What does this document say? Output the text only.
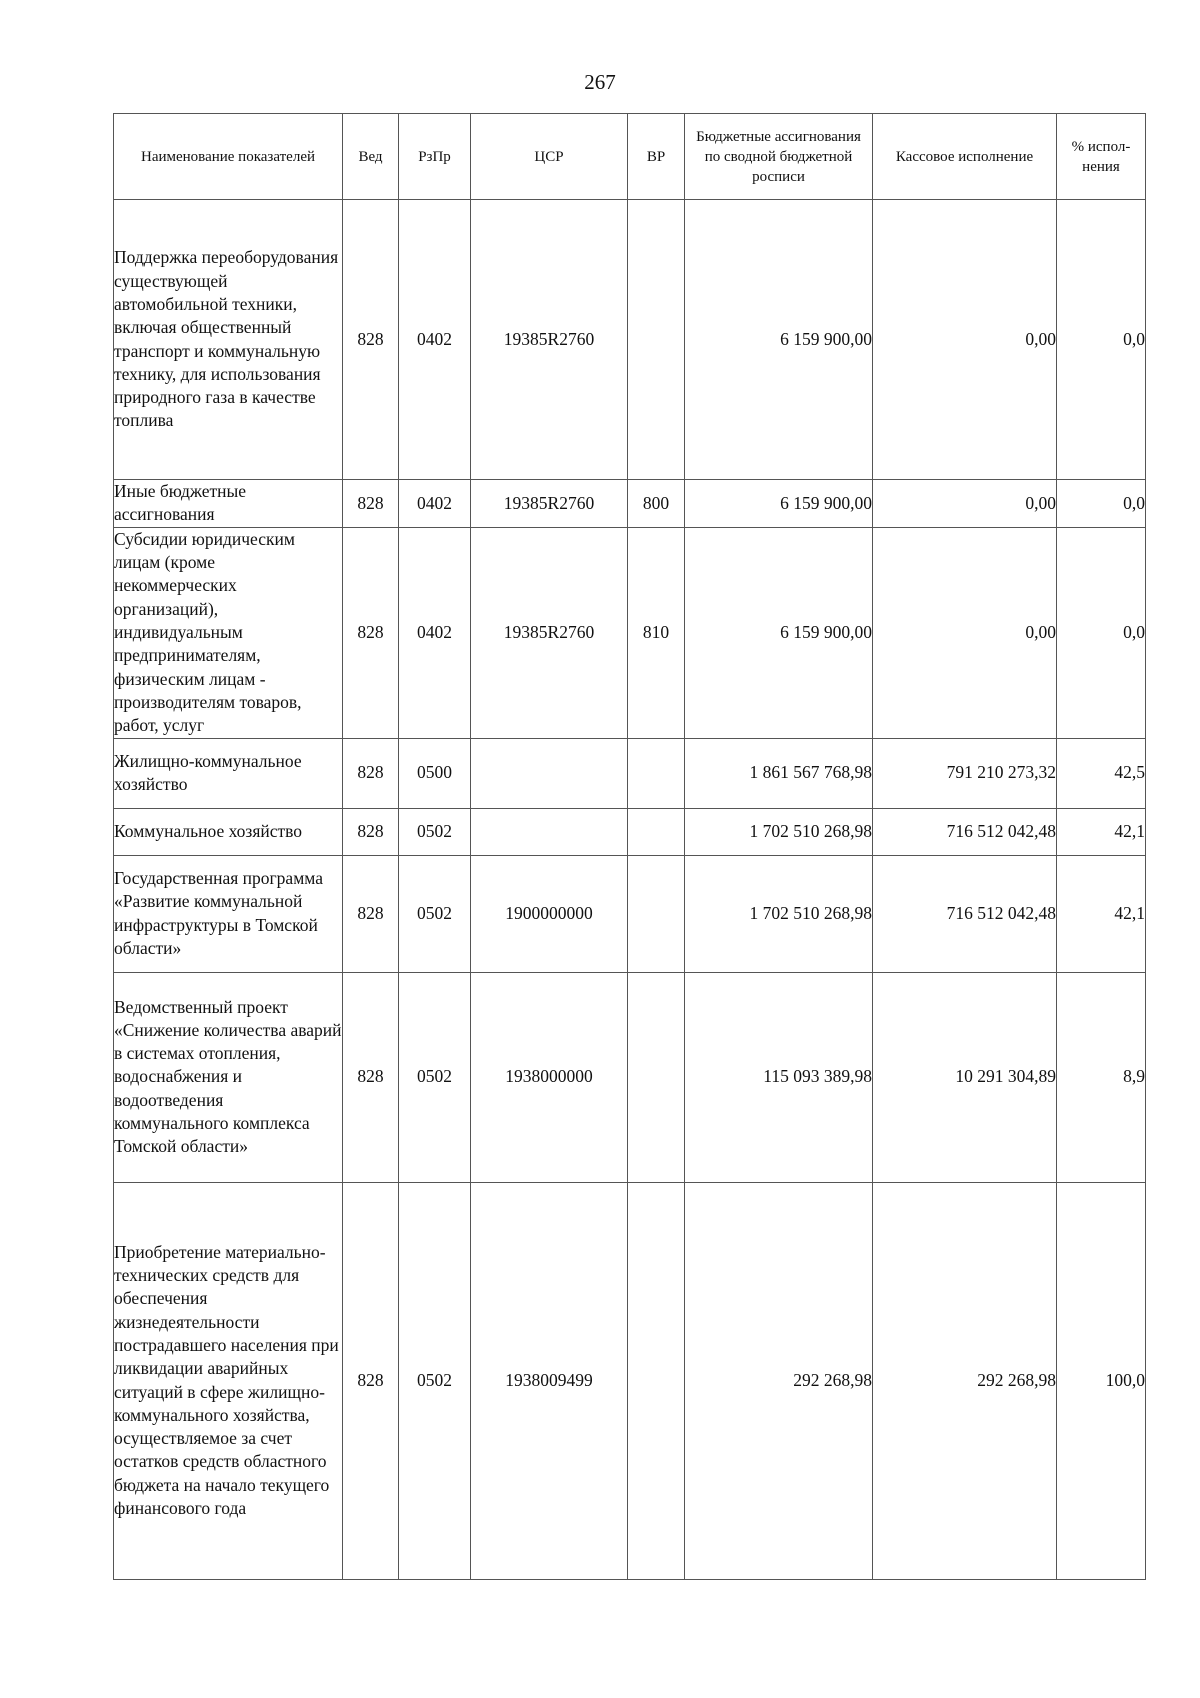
267
Наименование показателей	Вед	РзПр	ЦСР	ВР	Бюджетные ассигнования по сводной бюджетной росписи	Кассовое исполнение	% испол-нения
Поддержка переоборудования существующей автомобильной техники, включая общественный транспорт и коммунальную технику, для использования природного газа в качестве топлива	828	0402	19385R2760		6 159 900,00	0,00	0,0
Иные бюджетные ассигнования	828	0402	19385R2760	800	6 159 900,00	0,00	0,0
Субсидии юридическим лицам (кроме некоммерческих организаций), индивидуальным предпринимателям, физическим лицам - производителям товаров, работ, услуг	828	0402	19385R2760	810	6 159 900,00	0,00	0,0
Жилищно-коммунальное хозяйство	828	0500			1 861 567 768,98	791 210 273,32	42,5
Коммунальное хозяйство	828	0502			1 702 510 268,98	716 512 042,48	42,1
Государственная программа «Развитие коммунальной инфраструктуры в Томской области»	828	0502	1900000000		1 702 510 268,98	716 512 042,48	42,1
Ведомственный проект «Снижение количества аварий в системах отопления, водоснабжения и водоотведения коммунального комплекса Томской области»	828	0502	1938000000		115 093 389,98	10 291 304,89	8,9
Приобретение материально-технических средств для обеспечения жизнедеятельности пострадавшего населения при ликвидации аварийных ситуаций в сфере жилищно-коммунального хозяйства, осуществляемое за счет остатков средств областного бюджета на начало текущего финансового года	828	0502	1938009499		292 268,98	292 268,98	100,0
